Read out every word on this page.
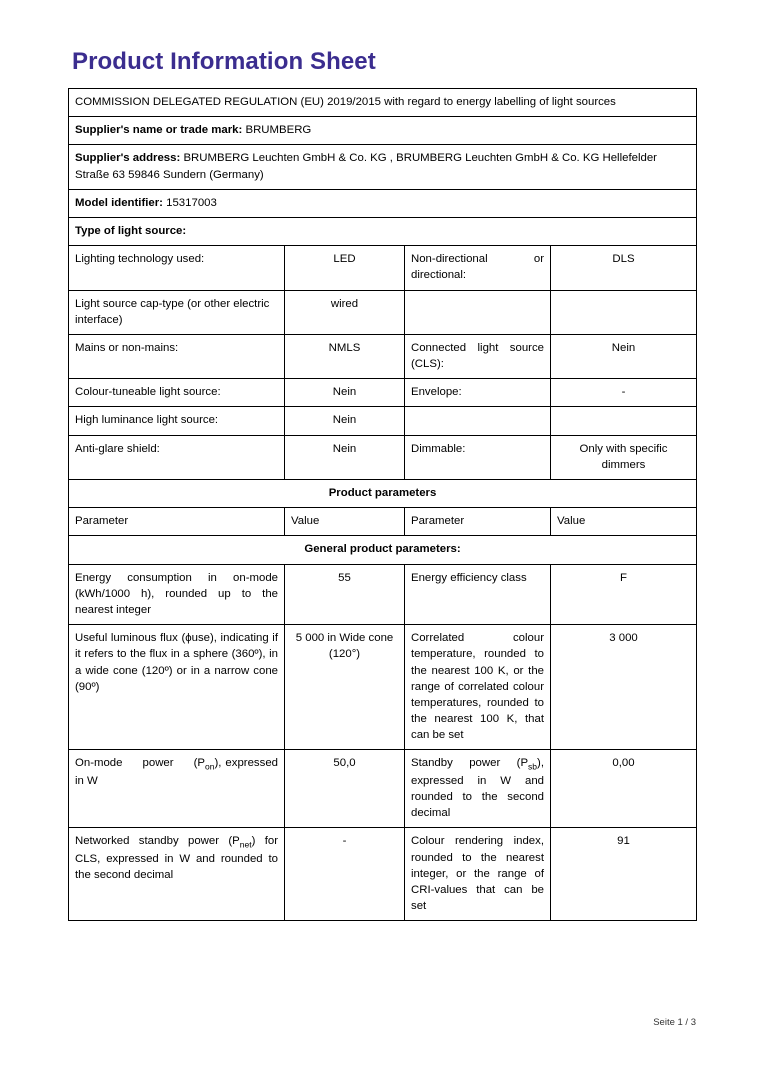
Product Information Sheet
COMMISSION DELEGATED REGULATION (EU) 2019/2015 with regard to energy labelling of light sources			
Supplier's name or trade mark: BRUMBERG			
Supplier's address: BRUMBERG Leuchten GmbH & Co. KG , BRUMBERG Leuchten GmbH & Co. KG Hellefelder Straße 63 59846 Sundern (Germany)			
Model identifier: 15317003			
Type of light source:			
Lighting technology used:	LED	Non-directional or directional:	DLS
Light source cap-type (or other electric interface)	wired		
Mains or non-mains:	NMLS	Connected light source (CLS):	Nein
Colour-tuneable light source:	Nein	Envelope:	-
High luminance light source:	Nein		
Anti-glare shield:	Nein	Dimmable:	Only with specific dimmers
Product parameters			
Parameter	Value	Parameter	Value
General product parameters:			
Energy consumption in on-mode (kWh/1000 h), rounded up to the nearest integer	55	Energy efficiency class	F
Useful luminous flux (ϕuse), indicating if it refers to the flux in a sphere (360º), in a wide cone (120º) or in a narrow cone (90º)	5 000 in Wide cone (120°)	Correlated colour temperature, rounded to the nearest 100 K, or the range of correlated colour temperatures, rounded to the nearest 100 K, that can be set	3 000
On-mode     power     $(P_{on})$, expressed in W	50,0	Standby power $(P_{sb})$, expressed in W and rounded to the second decimal	0,00
Networked standby power $(P_{net})$ for CLS, expressed in W and rounded to the second decimal	-	Colour rendering index, rounded to the nearest integer, or the range of CRI-values that can be set	91
Seite 1 / 3
